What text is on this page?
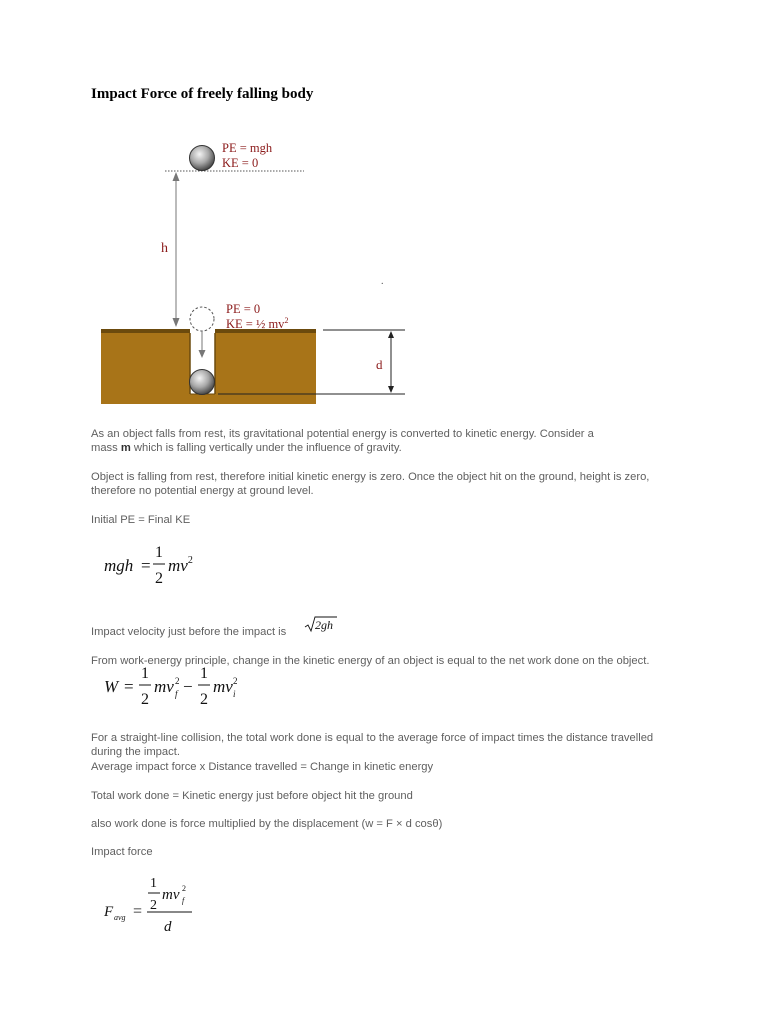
Impact Force of freely falling body
PE = mgh
KE = 0
h
.
PE = 0
KE = ½ $mv^2$
d
As an object falls from rest, its gravitational potential energy is converted to kinetic energy. Consider a
mass m which is falling vertically under the influence of gravity.
Object is falling from rest, therefore initial kinetic energy is zero. Once the object hit on the ground, height is zero,
therefore no potential energy at ground level.
Initial PE = Final KE
mgh =
1
2
$mv^2$
2gh
W =
1
2
mv 2
f −
1
2
mv 2
i
F avg =
1
2
mv 2
f
d
Impact velocity just before the impact is
From work-energy principle, change in the kinetic energy of an object is equal to the net work done on the object.
For a straight-line collision, the total work done is equal to the average force of impact times the distance travelled
during the impact.
Average impact force x Distance travelled = Change in kinetic energy
Total work done = Kinetic energy just before object hit the ground
also work done is force multiplied by the displacement (w = F × d cosθ)
Impact force
